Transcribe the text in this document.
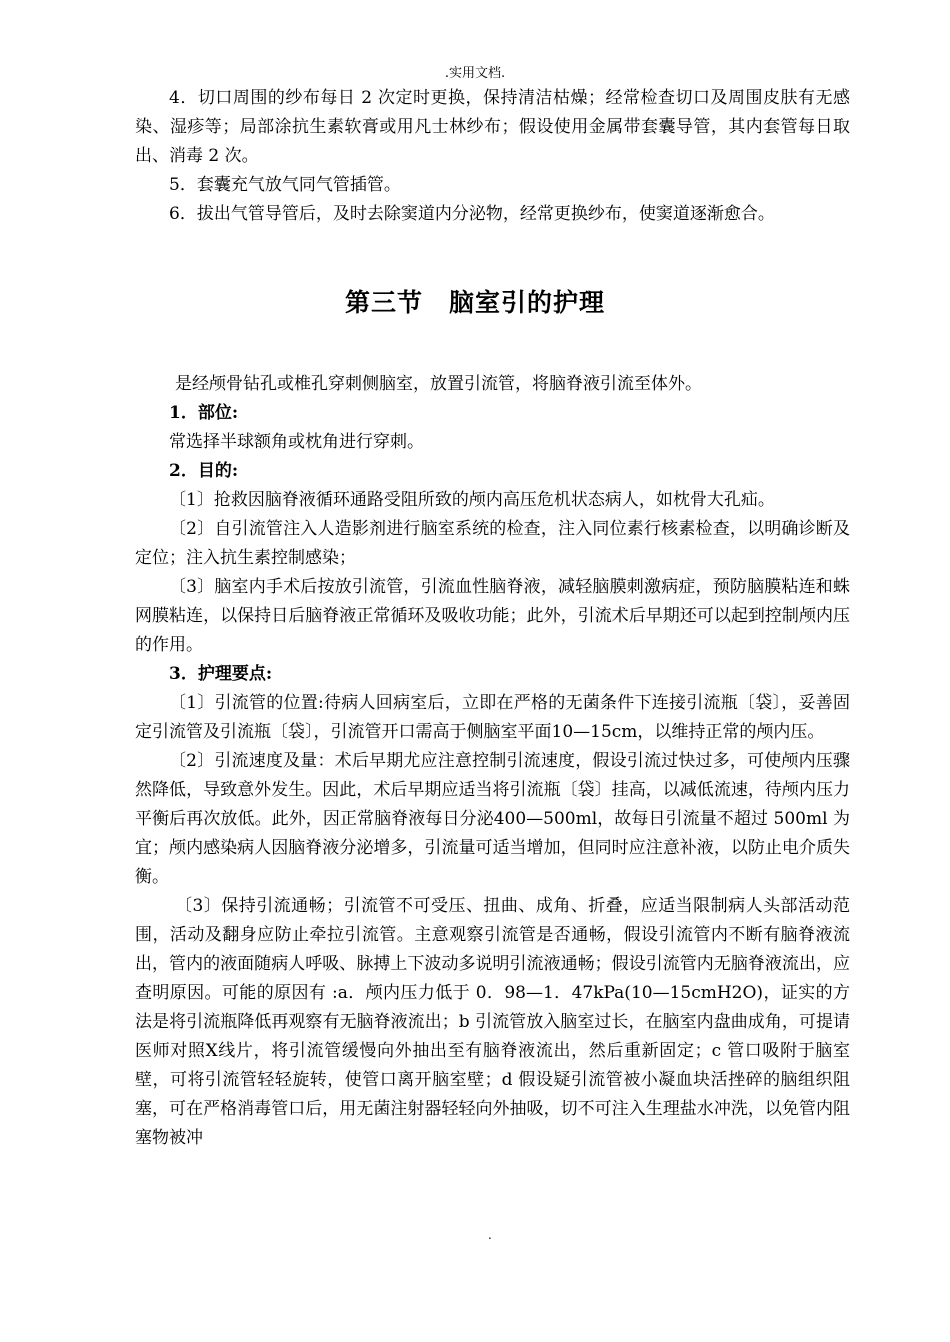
.实用文档.

4．切口周围的纱布每日 2 次定时更换，保持清洁枯燥；经常检查切口及周围皮肤有无感染、湿疹等；局部涂抗生素软膏或用凡士林纱布；假设使用金属带套囊导管，其内套管每日取出、消毒 2 次。

5．套囊充气放气同气管插管。

6．拔出气管导管后，及时去除窦道内分泌物，经常更换纱布，使窦道逐渐愈合。

第三节　脑室引的护理

是经颅骨钻孔或椎孔穿刺侧脑室，放置引流管，将脑脊液引流至体外。

1．部位:

常选择半球额角或枕角进行穿刺。

2．目的:

〔1〕抢救因脑脊液循环通路受阻所致的颅内高压危机状态病人，如枕骨大孔疝。

〔2〕自引流管注入人造影剂进行脑室系统的检查，注入同位素行核素检查，以明确诊断及定位；注入抗生素控制感染；

〔3〕脑室内手术后按放引流管，引流血性脑脊液，减轻脑膜刺激病症，预防脑膜粘连和蛛网膜粘连，以保持日后脑脊液正常循环及吸收功能；此外，引流术后早期还可以起到控制颅内压的作用。

3．护理要点:

〔1〕引流管的位置:待病人回病室后，立即在严格的无菌条件下连接引流瓶〔袋〕，妥善固定引流管及引流瓶〔袋〕，引流管开口需高于侧脑室平面10—15cm，以维持正常的颅内压。

〔2〕引流速度及量：术后早期尤应注意控制引流速度，假设引流过快过多，可使颅内压骤然降低，导致意外发生。因此，术后早期应适当将引流瓶〔袋〕挂高，以减低流速，待颅内压力平衡后再次放低。此外，因正常脑脊液每日分泌400—500ml，故每日引流量不超过 500ml 为宜；颅内感染病人因脑脊液分泌增多，引流量可适当增加，但同时应注意补液，以防止电介质失衡。

〔3〕保持引流通畅；引流管不可受压、扭曲、成角、折叠，应适当限制病人头部活动范围，活动及翻身应防止牵拉引流管。主意观察引流管是否通畅，假设引流管内不断有脑脊液流出，管内的液面随病人呼吸、脉搏上下波动多说明引流液通畅；假设引流管内无脑脊液流出，应查明原因。可能的原因有 :a．颅内压力低于 0．98—1．47kPa(10—15cmH2O)，证实的方法是将引流瓶降低再观察有无脑脊液流出；b 引流管放入脑室过长，在脑室内盘曲成角，可提请医师对照X线片，将引流管缓慢向外抽出至有脑脊液流出，然后重新固定；c 管口吸附于脑室壁，可将引流管轻轻旋转，使管口离开脑室壁；d 假设疑引流管被小凝血块活挫碎的脑组织阻塞，可在严格消毒管口后，用无菌注射器轻轻向外抽吸，切不可注入生理盐水冲洗，以免管内阻塞物被冲

.
